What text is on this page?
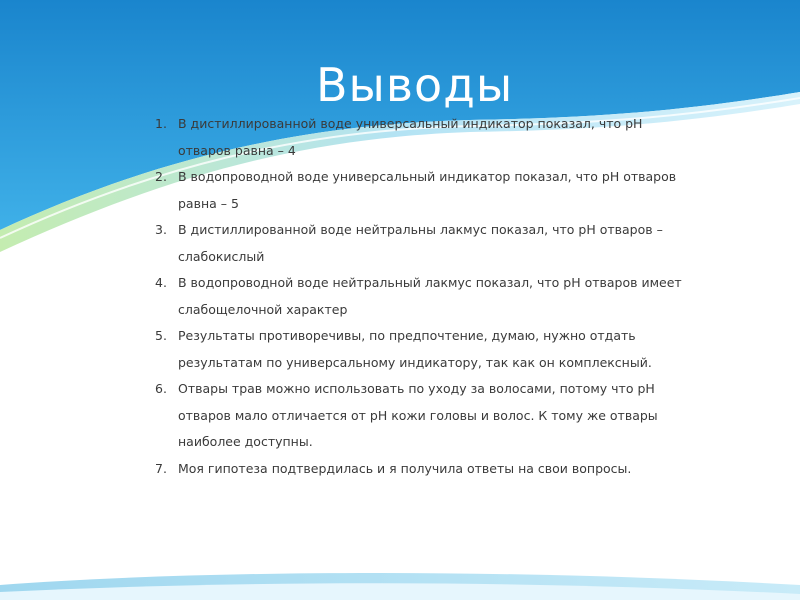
Выводы
1. В дистиллированной воде универсальный индикатор показал, что рН отваров равна – 4
2. В водопроводной воде универсальный индикатор показал, что рН отваров равна – 5
3. В дистиллированной воде нейтральны лакмус показал, что рН отваров – слабокислый
4. В водопроводной воде нейтральный лакмус показал, что рН отваров имеет слабощелочной характер
5. Результаты противоречивы, по предпочтение, думаю, нужно отдать результатам по универсальному индикатору, так как он комплексный.
6. Отвары трав можно использовать по уходу за волосами, потому что рН отваров мало отличается от рН кожи головы и волос. К тому же отвары наиболее доступны.
7. Моя гипотеза подтвердилась и я получила ответы на свои вопросы.
